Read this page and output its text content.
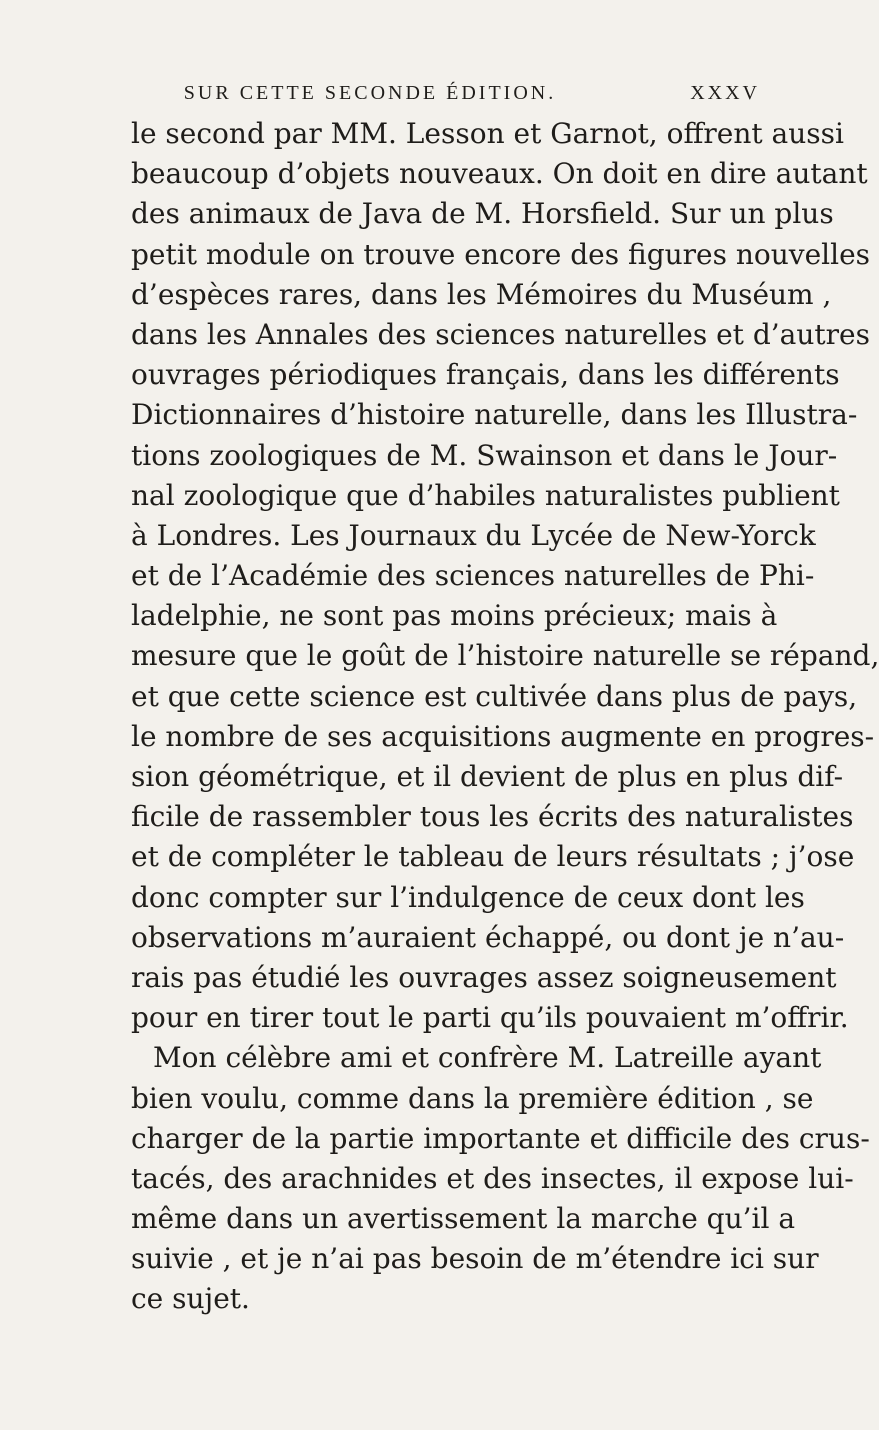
SUR CETTE SECONDE ÉDITION.	XXXV
le second par MM. Lesson et Garnot, offrent aussi
beaucoup d’objets nouveaux. On doit en dire autant
des animaux de Java de M. Horsfield. Sur un plus
petit module on trouve encore des figures nouvelles
d’espèces rares, dans les Mémoires du Muséum ,
dans les Annales des sciences naturelles et d’autres
ouvrages périodiques français, dans les différents
Dictionnaires d’histoire naturelle, dans les Illustra-
tions zoologiques de M. Swainson et dans le Jour-
nal zoologique que d’habiles naturalistes publient
à Londres. Les Journaux du Lycée de New-Yorck
et de l’Académie des sciences naturelles de Phi-
ladelphie, ne sont pas moins précieux; mais à
mesure que le goût de l’histoire naturelle se répand,
et que cette science est cultivée dans plus de pays,
le nombre de ses acquisitions augmente en progres-
sion géométrique, et il devient de plus en plus dif-
ficile de rassembler tous les écrits des naturalistes
et de compléter le tableau de leurs résultats ; j’ose
donc compter sur l’indulgence de ceux dont les
observations m’auraient échappé, ou dont je n’au-
rais pas étudié les ouvrages assez soigneusement
pour en tirer tout le parti qu’ils pouvaient m’offrir.
Mon célèbre ami et confrère M. Latreille ayant
bien voulu, comme dans la première édition , se
charger de la partie importante et difficile des crus-
tacés, des arachnides et des insectes, il expose lui-
même dans un avertissement la marche qu’il a
suivie , et je n’ai pas besoin de m’étendre ici sur
ce sujet.
